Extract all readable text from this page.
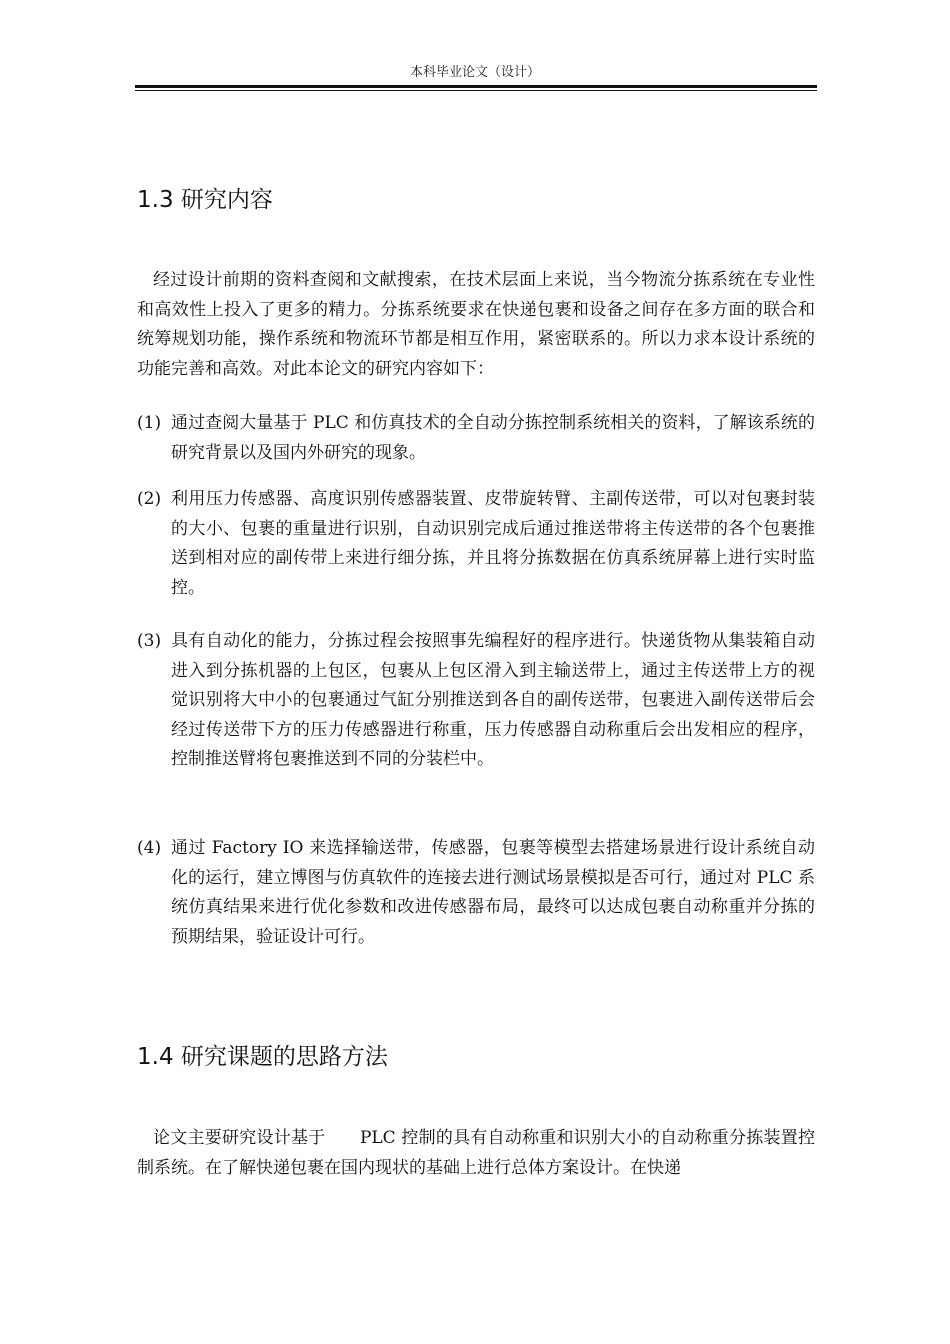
本科毕业论文（设计）
1.3 研究内容

经过设计前期的资料查阅和文献搜索，在技术层面上来说，当今物流分拣系统在专业性和高效性上投入了更多的精力。分拣系统要求在快递包裹和设备之间存在多方面的联合和统筹规划功能，操作系统和物流环节都是相互作用，紧密联系的。所以力求本设计系统的功能完善和高效。对此本论文的研究内容如下：

(1) 通过查阅大量基于 PLC 和仿真技术的全自动分拣控制系统相关的资料，了解该系统的研究背景以及国内外研究的现象。
(2) 利用压力传感器、高度识别传感器装置、皮带旋转臂、主副传送带，可以对包裹封装的大小、包裹的重量进行识别，自动识别完成后通过推送带将主传送带的各个包裹推送到相对应的副传带上来进行细分拣，并且将分拣数据在仿真系统屏幕上进行实时监控。
(3) 具有自动化的能力，分拣过程会按照事先编程好的程序进行。快递货物从集装箱自动进入到分拣机器的上包区，包裹从上包区滑入到主输送带上，通过主传送带上方的视觉识别将大中小的包裹通过气缸分别推送到各自的副传送带，包裹进入副传送带后会经过传送带下方的压力传感器进行称重，压力传感器自动称重后会出发相应的程序，控制推送臂将包裹推送到不同的分装栏中。
(4) 通过 Factory IO 来选择输送带，传感器，包裹等模型去搭建场景进行设计系统自动化的运行，建立博图与仿真软件的连接去进行测试场景模拟是否可行，通过对 PLC 系统仿真结果来进行优化参数和改进传感器布局，最终可以达成包裹自动称重并分拣的预期结果，验证设计可行。
1.4 研究课题的思路方法

论文主要研究设计基于　　PLC 控制的具有自动称重和识别大小的自动称重分拣装置控制系统。在了解快递包裹在国内现状的基础上进行总体方案设计。在快递
